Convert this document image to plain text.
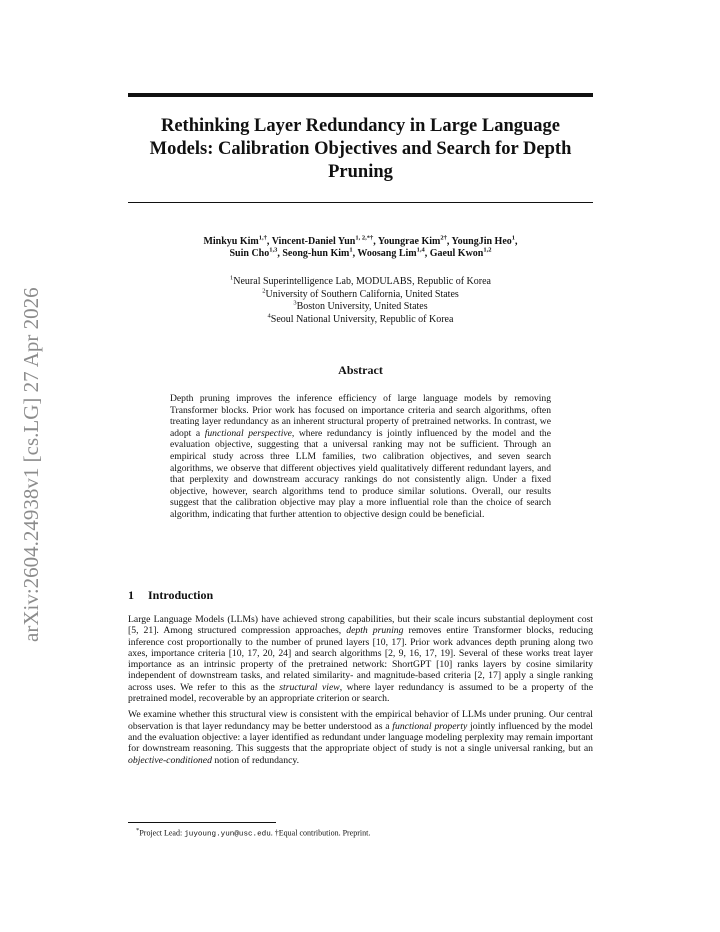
arXiv:2604.24938v1 [cs.LG] 27 Apr 2026
Rethinking Layer Redundancy in Large Language Models: Calibration Objectives and Search for Depth Pruning
Minkyu Kim$^{1,\dagger}$, Vincent-Daniel Yun$^{1, 2,*\dagger}$, Youngrae Kim$^{2\dagger}$, YoungJin Heo$^1$,
Suin Cho$^{1,3}$, Seong-hun Kim$^1$, Woosang Lim$^{1,4}$, Gaeul Kwon$^{1,2}$
$^1$Neural Superintelligence Lab, MODULABS, Republic of Korea
$^2$University of Southern California, United States
$^3$Boston University, United States
$^4$Seoul National University, Republic of Korea
Abstract

Depth pruning improves the inference efficiency of large language models by removing Transformer blocks. Prior work has focused on importance criteria and search algorithms, often treating layer redundancy as an inherent structural property of pretrained networks. In contrast, we adopt a functional perspective, where redundancy is jointly influenced by the model and the evaluation objective, suggesting that a universal ranking may not be sufficient. Through an empirical study across three LLM families, two calibration objectives, and seven search algorithms, we observe that different objectives yield qualitatively different redundant layers, and that perplexity and downstream accuracy rankings do not consistently align. Under a fixed objective, however, search algorithms tend to produce similar solutions. Overall, our results suggest that the calibration objective may play a more influential role than the choice of search algorithm, indicating that further attention to objective design could be beneficial.

1 Introduction

Large Language Models (LLMs) have achieved strong capabilities, but their scale incurs substantial deployment cost [5, 21]. Among structured compression approaches, depth pruning removes entire Transformer blocks, reducing inference cost proportionally to the number of pruned layers [10, 17]. Prior work advances depth pruning along two axes, importance criteria [10, 17, 20, 24] and search algorithms [2, 9, 16, 17, 19]. Several of these works treat layer importance as an intrinsic property of the pretrained network: ShortGPT [10] ranks layers by cosine similarity independent of downstream tasks, and related similarity- and magnitude-based criteria [2, 17] apply a single ranking across uses. We refer to this as the structural view, where layer redundancy is assumed to be a property of the pretrained model, recoverable by an appropriate criterion or search.

We examine whether this structural view is consistent with the empirical behavior of LLMs under pruning. Our central observation is that layer redundancy may be better understood as a functional property jointly influenced by the model and the evaluation objective: a layer identified as redundant under language modeling perplexity may remain important for downstream reasoning. This suggests that the appropriate object of study is not a single universal ranking, but an objective-conditioned notion of redundancy.

*Project Lead: juyoung.yun@usc.edu. †Equal contribution. Preprint.
